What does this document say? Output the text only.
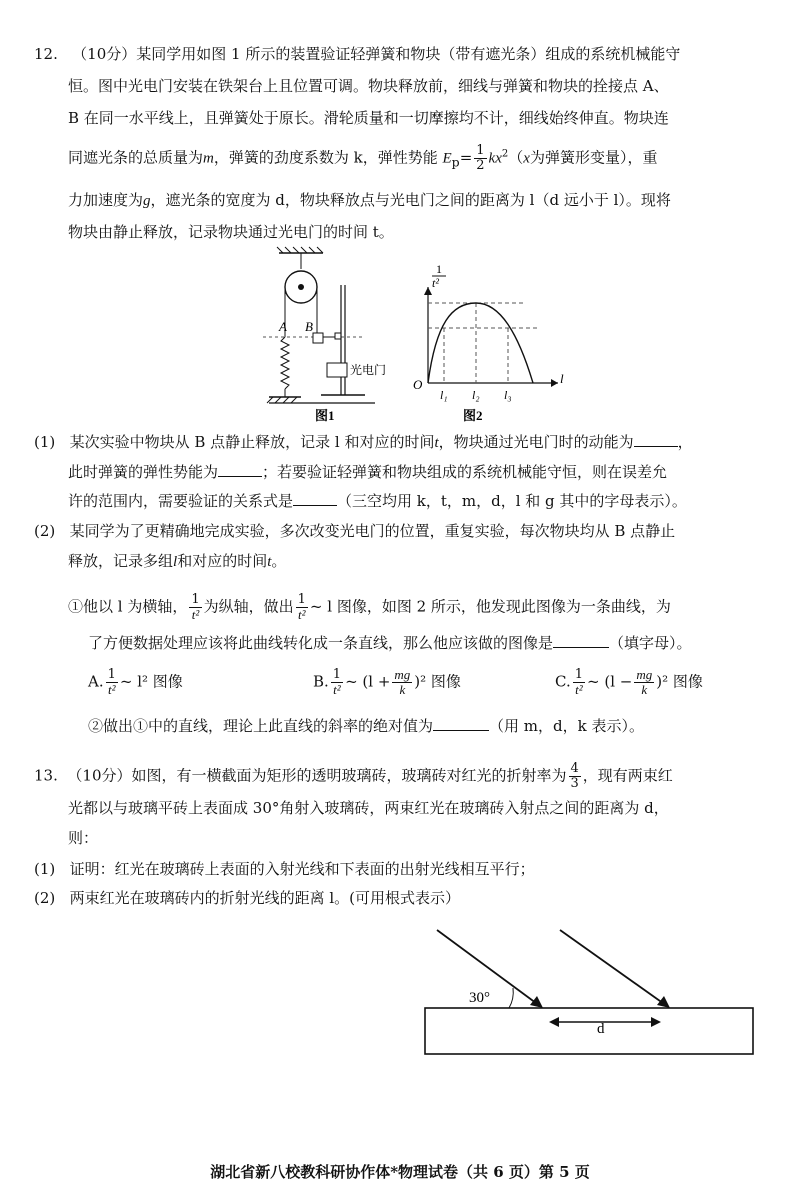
12. （10分）某同学用如图 1 所示的装置验证轻弹簧和物块（带有遮光条）组成的系统机械能守
恒。图中光电门安装在铁架台上且位置可调。物块释放前，细线与弹簧和物块的拴接点 A、
B 在同一水平线上，且弹簧处于原长。滑轮质量和一切摩擦均不计，细线始终伸直。物块连
同遮光条的总质量为m，弹簧的劲度系数为 k，弹性势能 $E_p= \frac{1}{2} kx^2(x$为弹簧形变量），重
力加速度为g，遮光条的宽度为 d，物块释放点与光电门之间的距离为 l（d 远小于 l）。现将
物块由静止释放，记录物块通过光电门的时间 t。
A B
光电门
图1
1
t²
O	l
l₁ l₂ l₃
图2
(1) 某次实验中物块从 B 点静止释放，记录 l 和对应的时间t，物块通过光电门时的动能为	，
此时弹簧的弹性势能为	；若要验证轻弹簧和物块组成的系统机械能守恒，则在误差允
许的范围内，需要验证的关系式是	（三空均用 k，t，m，d，l 和 g 其中的字母表示）。
(2) 某同学为了更精确地完成实验，多次改变光电门的位置，重复实验，每次物块均从 B 点静止
释放，记录多组l和对应的时间t。
①他以 l 为横轴， $\frac{1}{\text{t²}}$ 为纵轴，做出 $\frac{1}{\text{t²}}$ ~ l 图像，如图 2 所示，他发现此图像为一条曲线，为
了方便数据处理应该将此曲线转化成一条直线，那么他应该做的图像是	（填字母）。
A. $\frac{1}{\text{t²}}$ ~ l² 图像	B. $\frac{1}{\text{t²}}$ ~ $(l + \frac{mg}{k} )^2$ 图像	C. $\frac{1}{\text{t²}}$ ~ $(l - \frac{mg}{k} )^2$ 图像
②做出①中的直线，理论上此直线的斜率的绝对值为	（用 m，d，k 表示）。
13. （10分）如图，有一横截面为矩形的透明玻璃砖，玻璃砖对红光的折射率为 $\frac{4}{3}$ ，现有两束红
光都以与玻璃平砖上表面成 30°角射入玻璃砖，两束红光在玻璃砖入射点之间的距离为 d，
则：
(1) 证明：红光在玻璃砖上表面的入射光线和下表面的出射光线相互平行；
(2) 两束红光在玻璃砖内的折射光线的距离 l。(可用根式表示）
30°
d
湖北省新八校教科研协作体*物理试卷（共 6 页）第 5 页
